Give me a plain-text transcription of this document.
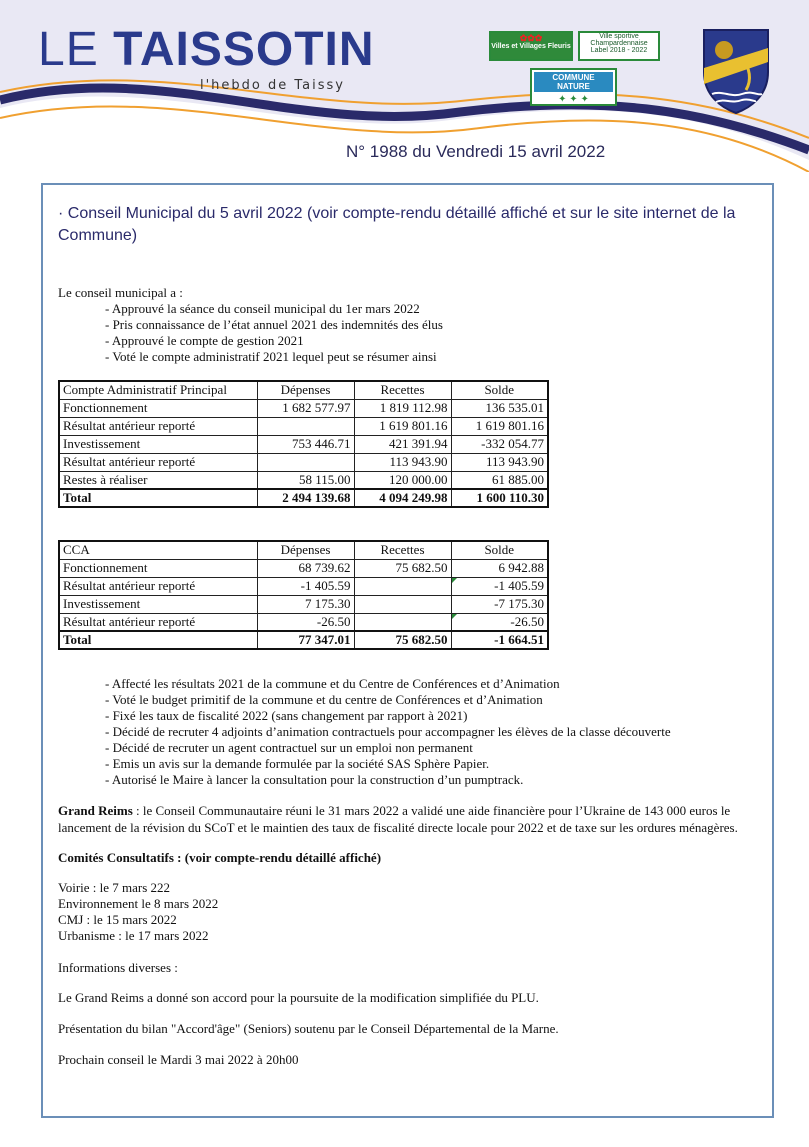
LE TAISSOTIN
l'hebdo de Taissy
✿✿✿
Villes et Villages Fleuris
Ville sportive
Champardennaise
Label 2018 - 2022
COMMUNE NATURE
✦ ✦ ✦
N° 1988 du Vendredi 15 avril 2022
· Conseil Municipal du 5 avril 2022 (voir compte-rendu détaillé affiché et sur le site internet de la Commune)
Le conseil municipal a :
- Approuvé la séance du conseil municipal du 1er mars 2022
- Pris connaissance de l’état annuel 2021 des indemnités des élus
- Approuvé le compte de gestion 2021
- Voté le compte administratif 2021 lequel peut se résumer ainsi
Compte Administratif Principal	Dépenses	Recettes	Solde
Fonctionnement	1 682 577.97	1 819 112.98	136 535.01
Résultat antérieur reporté		1 619 801.16	1 619 801.16
Investissement	753 446.71	421 391.94	-332 054.77
Résultat antérieur reporté		113 943.90	113 943.90
Restes à réaliser	58 115.00	120 000.00	61 885.00
Total	2 494 139.68	4 094 249.98	1 600 110.30
CCA	Dépenses	Recettes	Solde
Fonctionnement	68 739.62	75 682.50	6 942.88
Résultat antérieur reporté	-1 405.59		-1 405.59
Investissement	7 175.30		-7 175.30
Résultat antérieur reporté	-26.50		-26.50
Total	77 347.01	75 682.50	-1 664.51
- Affecté les résultats 2021 de la commune et du Centre de Conférences et d’Animation
- Voté le budget primitif de la commune et du centre de Conférences et d’Animation
- Fixé les taux de fiscalité 2022 (sans changement par rapport à 2021)
- Décidé de recruter 4 adjoints d’animation contractuels pour accompagner les élèves de la classe découverte
- Décidé de recruter un agent contractuel sur un emploi non permanent
- Emis un avis sur la demande formulée par la société SAS Sphère Papier.
- Autorisé le Maire à lancer la consultation pour la construction d’un pumptrack.
Grand Reims : le Conseil Communautaire réuni le 31 mars 2022 a validé une aide financière pour l’Ukraine de 143 000 euros le lancement de la révision du SCoT et le maintien des taux de fiscalité directe locale pour 2022 et de taxe sur les ordures ménagères.
Comités Consultatifs : (voir compte-rendu détaillé affiché)
Voirie : le 7 mars 222
Environnement le 8 mars 2022
CMJ : le 15 mars 2022
Urbanisme : le 17 mars 2022
Informations diverses :
Le Grand Reims a donné son accord pour la poursuite de la modification simplifiée du PLU.
Présentation du bilan "Accord'âge" (Seniors) soutenu par le Conseil Départemental de la Marne.
Prochain conseil le Mardi 3 mai 2022 à 20h00
